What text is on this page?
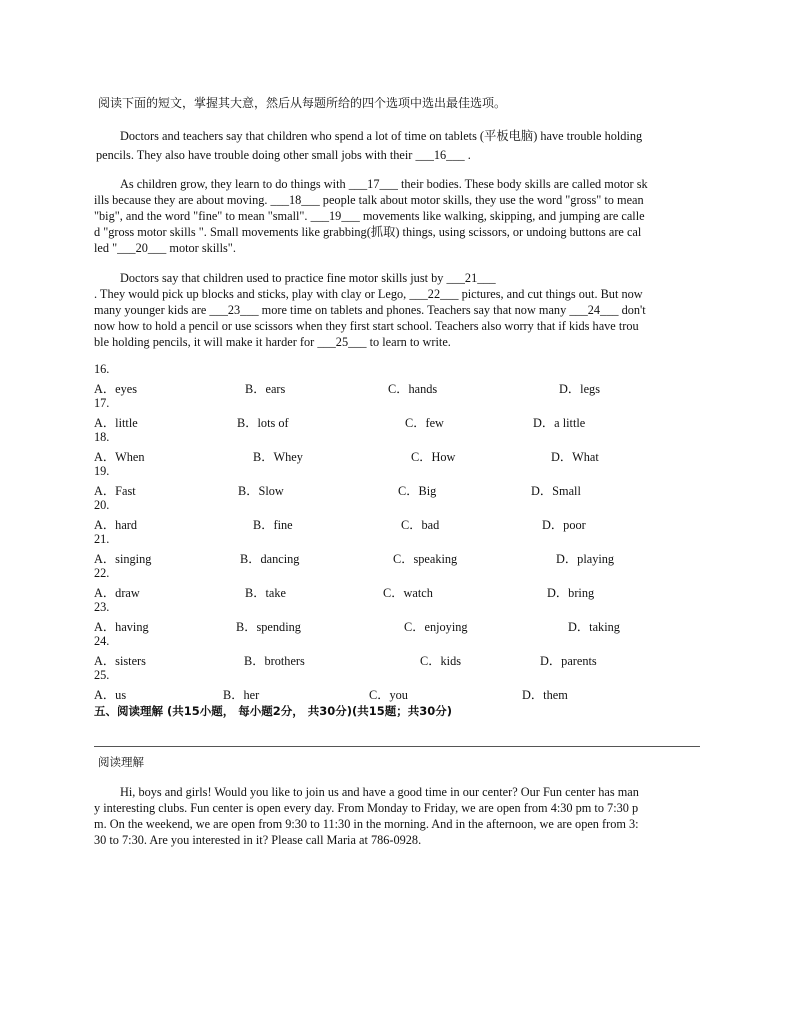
阅读下面的短文，掌握其大意，然后从每题所给的四个选项中选出最佳选项。
Doctors and teachers say that children who spend a lot of time on tablets (平板电脑) have trouble holding
pencils. They also have trouble doing other small jobs with their ___16___ .
As children grow, they learn to do things with ___17___ their bodies. These body skills are called motor sk
ills because they are about moving. ___18___ people talk about motor skills, they use the word "gross" to mean
"big", and the word "fine" to mean "small". ___19___ movements like walking, skipping, and jumping are calle
d "gross motor skills ". Small movements like grabbing(抓取) things, using scissors, or undoing buttons are cal
led "___20___ motor skills".
Doctors say that children used to practice fine motor skills just by ___21___
. They would pick up blocks and sticks, play with clay or Lego, ___22___ pictures, and cut things out. But now
many younger kids are ___23___ more time on tablets and phones. Teachers say that now many ___24___ don't
now how to hold a pencil or use scissors when they first start school. Teachers also worry that if kids have trou
ble holding pencils, it will make it harder for ___25___ to learn to write.
16.
A．eyes	B．ears	C．hands	D．legs
17.
A．little	B．lots of	C．few	D．a little
18.
A．When	B．Whey	C．How	D．What
19.
A．Fast	B．Slow	C．Big	D．Small
20.
A．hard	B．fine	C．bad	D．poor
21.
A．singing	B．dancing	C．speaking	D．playing
22.
A．draw	B．take	C．watch	D．bring
23.
A．having	B．spending	C．enjoying	D．taking
24.
A．sisters	B．brothers	C．kids	D．parents
25.
A．us	B．her	C．you	D．them
五、阅读理解 (共15小题， 每小题2分， 共30分)(共15题；共30分)
阅读理解
Hi, boys and girls! Would you like to join us and have a good time in our center? Our Fun center has man
y interesting clubs. Fun center is open every day. From Monday to Friday, we are open from 4:30 pm to 7:30 p
m. On the weekend, we are open from 9:30 to 11:30 in the morning. And in the afternoon, we are open from 3:
30 to 7:30. Are you interested in it? Please call Maria at 786-0928.
